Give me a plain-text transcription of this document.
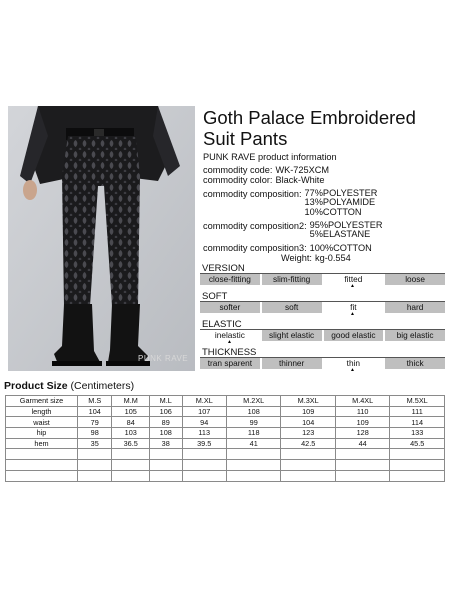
PUNK RAVE
Goth Palace Embroidered Suit Pants
PUNK RAVE product information
commodity code: WK-725XCM
commodity color: Black-White
commodity composition: 77%POLYESTER
13%POLYAMIDE
10%COTTON
commodity composition2: 95%POLYESTER
5%ELASTANE
commodity composition3: 100%COTTON
Weight: kg-0.554
VERSION
close-fitting	slim-fitting	fitted	loose
▲
SOFT
softer	soft	fit	hard
▲
ELASTIC
inelastic	slight elastic	good elastic	big elastic
▲
THICKNESS
tran sparent	thinner	thin	thick
▲
Product Size (Centimeters)
Garment size	M.S	M.M	M.L	M.XL	M.2XL	M.3XL	M.4XL	M.5XL
length	104	105	106	107	108	109	110	111
waist	79	84	89	94	99	104	109	114
hip	98	103	108	113	118	123	128	133
hem	35	36.5	38	39.5	41	42.5	44	45.5
